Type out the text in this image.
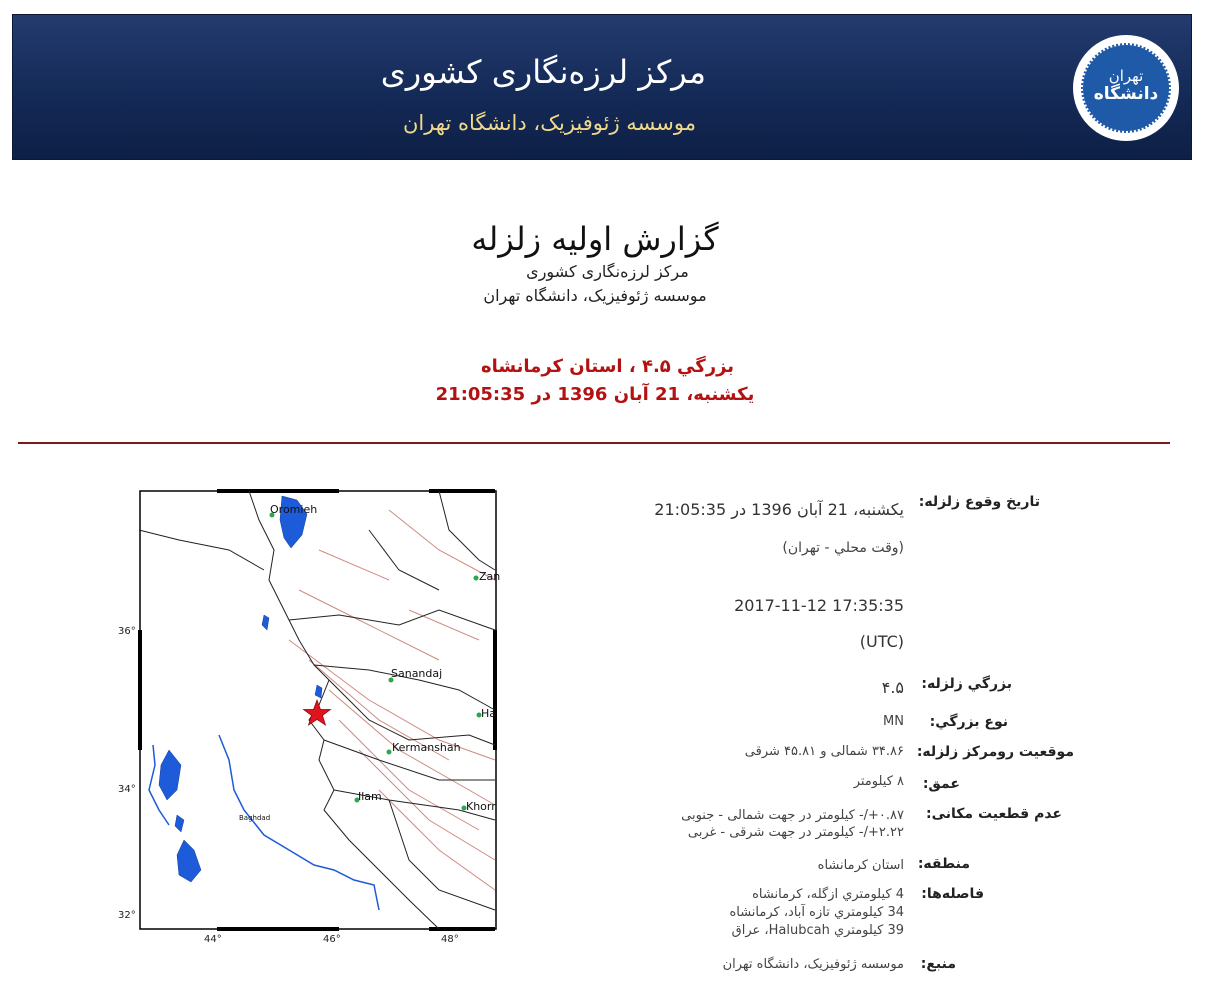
مرکز لرزه‌نگاری کشوری
موسسه ژئوفیزیک، دانشگاه تهران
تهران
دانشگاه
گزارش اولیه زلزله
مرکز لرزه‌نگاری کشوری
موسسه ژئوفیزیک، دانشگاه تهران
بزرگي ۴.۵ ، استان کرمانشاه
یکشنبه، 21 آبان 1396 در 21:05:35
Oromieh
Zan
Sanandaj
Ha
Kermanshah
Ilam
Khorr
Baghdad
36°
34°
32°
44°	46°	48°
تاریخ وقوع زلزله:
یکشنبه، 21 آبان 1396 در 21:05:35
(وقت محلي - تهران)
2017-11-12 17:35:35
(UTC)
بزرگي زلزله:
۴.۵
نوع بزرگي:
MN
موقعيت رومرکز زلزله:
۳۴.۸۶ شمالی و ۴۵.۸۱ شرقی
عمق:
۸ کیلومتر
عدم قطعیت مکانی:
۰.۸۷+/- کیلومتر در جهت شمالی - جنوبی
۲.۲۲+/- کیلومتر در جهت شرقی - غربی
منطقه:
استان کرمانشاه
فاصله‌ها:
4 کیلومتري ازگله، کرمانشاه
34 کیلومتري تازه آباد، کرمانشاه
39 کیلومتري Halubcah، عراق
منبع:
موسسه ژئوفیزیک، دانشگاه تهران
